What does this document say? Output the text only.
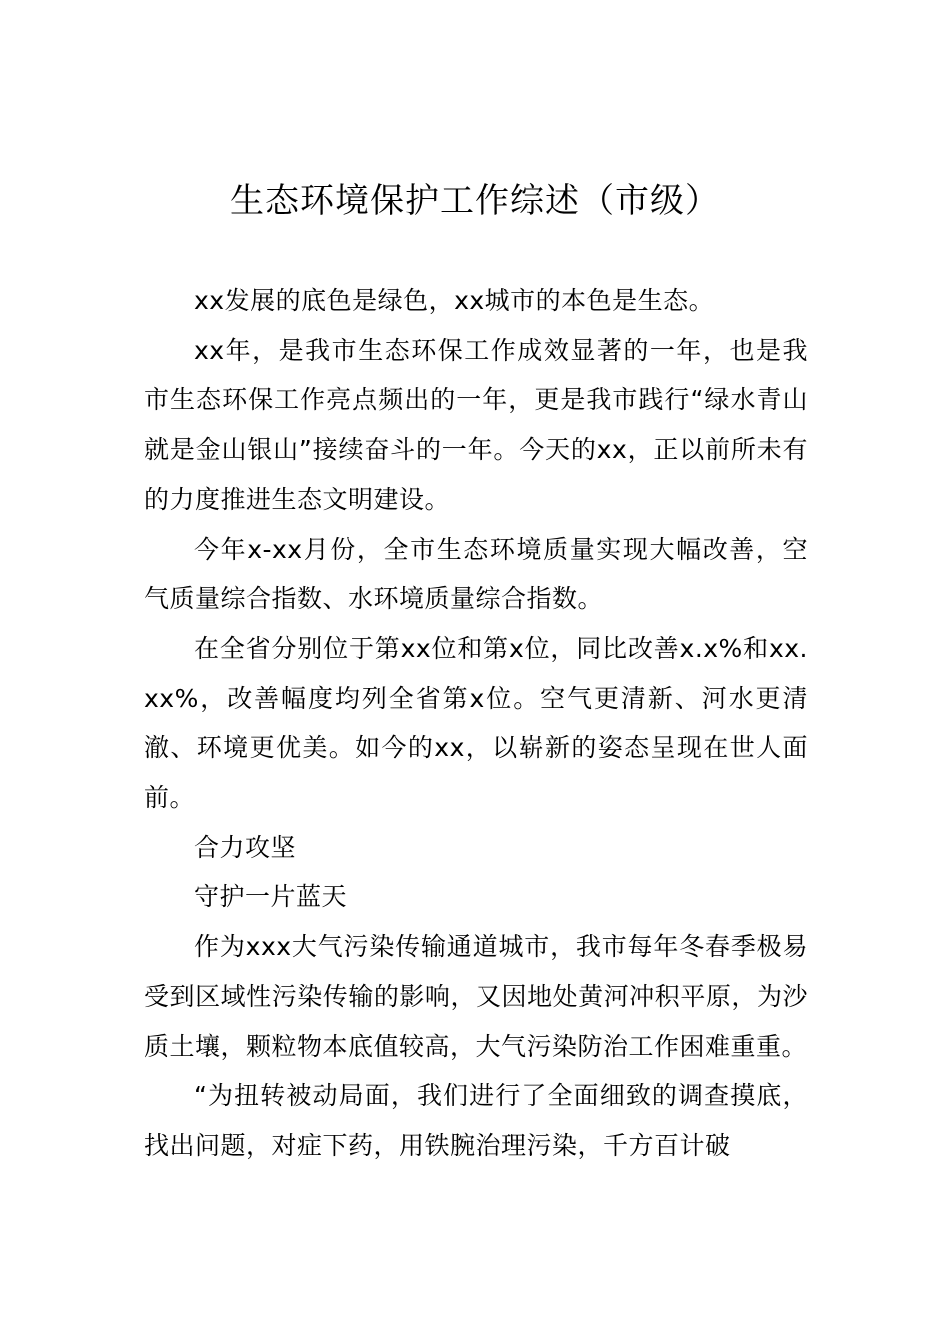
生态环境保护工作综述（市级）

xx发展的底色是绿色，xx城市的本色是生态。

xx年，是我市生态环保工作成效显著的一年，也是我市生态环保工作亮点频出的一年，更是我市践行“绿水青山就是金山银山”接续奋斗的一年。今天的xx，正以前所未有的力度推进生态文明建设。

今年x-xx月份，全市生态环境质量实现大幅改善，空气质量综合指数、水环境质量综合指数。

在全省分别位于第xx位和第x位，同比改善x.x%和xx.xx%，改善幅度均列全省第x位。空气更清新、河水更清澈、环境更优美。如今的xx，以崭新的姿态呈现在世人面前。

合力攻坚

守护一片蓝天

作为xxx大气污染传输通道城市，我市每年冬春季极易受到区域性污染传输的影响，又因地处黄河冲积平原，为沙质土壤，颗粒物本底值较高，大气污染防治工作困难重重。

“为扭转被动局面，我们进行了全面细致的调查摸底，找出问题，对症下药，用铁腕治理污染，千方百计破
